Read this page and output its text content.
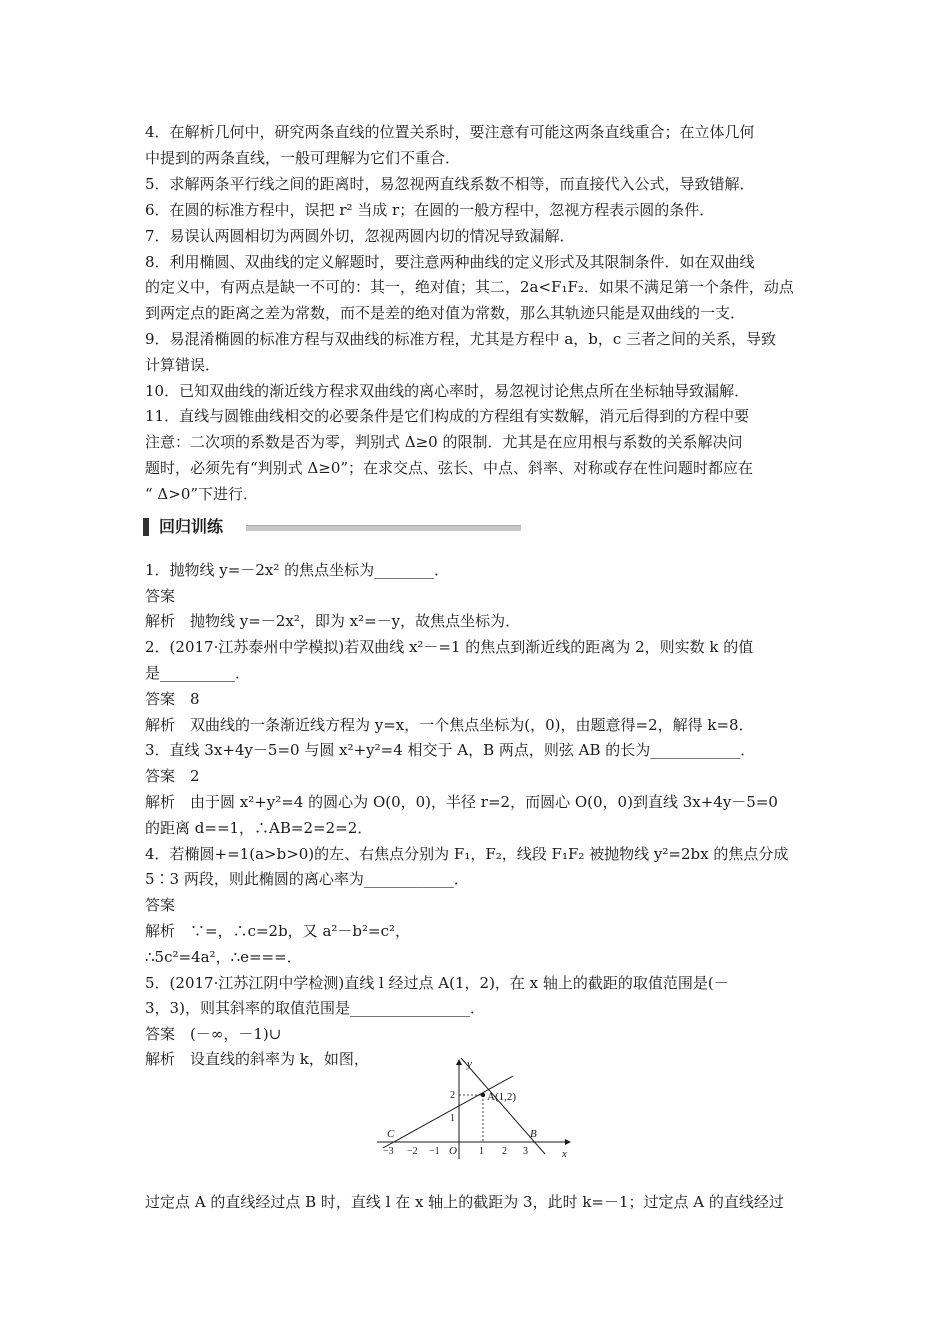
4．在解析几何中，研究两条直线的位置关系时，要注意有可能这两条直线重合；在立体几何
中提到的两条直线，一般可理解为它们不重合．
5．求解两条平行线之间的距离时，易忽视两直线系数不相等，而直接代入公式，导致错解．
6．在圆的标准方程中，误把 r² 当成 r；在圆的一般方程中，忽视方程表示圆的条件．
7．易误认两圆相切为两圆外切，忽视两圆内切的情况导致漏解．
8．利用椭圆、双曲线的定义解题时，要注意两种曲线的定义形式及其限制条件．如在双曲线
的定义中，有两点是缺一不可的：其一，绝对值；其二，2a<F₁F₂．如果不满足第一个条件，动点
到两定点的距离之差为常数，而不是差的绝对值为常数，那么其轨迹只能是双曲线的一支．
9．易混淆椭圆的标准方程与双曲线的标准方程，尤其是方程中 a，b，c 三者之间的关系，导致
计算错误．
10．已知双曲线的渐近线方程求双曲线的离心率时，易忽视讨论焦点所在坐标轴导致漏解．
11．直线与圆锥曲线相交的必要条件是它们构成的方程组有实数解，消元后得到的方程中要
注意：二次项的系数是否为零，判别式 Δ≥0 的限制．尤其是在应用根与系数的关系解决问
题时，必须先有“判别式 Δ≥0”；在求交点、弦长、中点、斜率、对称或存在性问题时都应在
“ Δ>0”下进行．
回归训练
1．抛物线 y=－2x² 的焦点坐标为________．
答案
解析　抛物线 y=－2x²，即为 x²=－y，故焦点坐标为．
2．(2017·江苏泰州中学模拟)若双曲线 x²－=1 的焦点到渐近线的距离为 2，则实数 k 的值
是__________．
答案　8
解析　双曲线的一条渐近线方程为 y=x，一个焦点坐标为(，0)，由题意得=2，解得 k=8．
3．直线 3x+4y－5=0 与圆 x²+y²=4 相交于 A，B 两点，则弦 AB 的长为____________．
答案　2
解析　由于圆 x²+y²=4 的圆心为 O(0，0)，半径 r=2，而圆心 O(0，0)到直线 3x+4y－5=0
的距离 d==1，∴AB=2=2=2．
4．若椭圆+=1(a>b>0)的左、右焦点分别为 F₁，F₂，线段 F₁F₂ 被抛物线 y²=2bx 的焦点分成
5∶3 两段，则此椭圆的离心率为____________．
答案
解析　∵=，∴c=2b，又 a²－b²=c²，
∴5c²=4a²，∴e===．
5．(2017·江苏江阴中学检测)直线 l 经过点 A(1，2)，在 x 轴上的截距的取值范围是(－
3，3)，则其斜率的取值范围是________________．
答案　(－∞，－1)∪
解析　设直线的斜率为 k，如图，	y
x
A(1,2)
B
C
O
−3 −2 −1	1 2 3
2
1
过定点 A 的直线经过点 B 时，直线 l 在 x 轴上的截距为 3，此时 k=－1；过定点 A 的直线经过
